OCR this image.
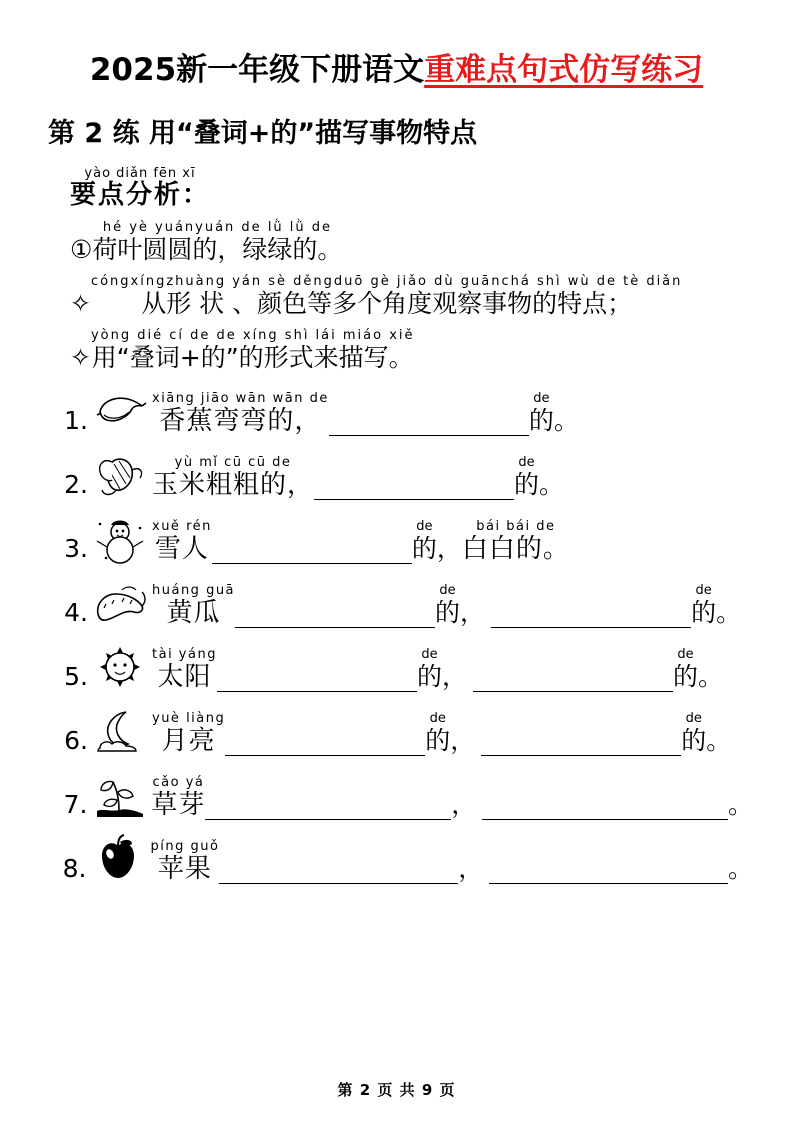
2025新一年级下册语文 重难点句式仿写练习
第 2 练 用“叠词+的”描写事物特点
yào diǎn fēn xī
要点分析：
①
hé yè yuányuán de lǜ lǜ de
荷叶圆圆的，绿绿的。
✧
cóngxíngzhuàng yán sè děngduō gè jiǎo dù guānchá shì wù de tè diǎn
从形 状 、颜色等多个角度观察事物的特点；
✧
yòng dié cí de de xíng shì lái miáo xiě
用“叠词+的”的形式来描写。
1.
xiāng jiāo wān wān de
香蕉弯弯的，
de
的 。
2.
yù mǐ cū cū de
玉米粗粗的，
de
的 。
3.
xuě rén
雪人
de
的 ，
bái bái de
白白的。
4.
huáng guā
黄瓜
de
的 ，
de
的 。
5.
tài yáng
太阳
de
的 ，
de
的 。
6.
yuè liàng
月亮
de
的 ，
de
的 。
7.
cǎo yá
草芽	，	。
8.
píng guǒ
苹果	，	。
第 2 页 共 9 页
